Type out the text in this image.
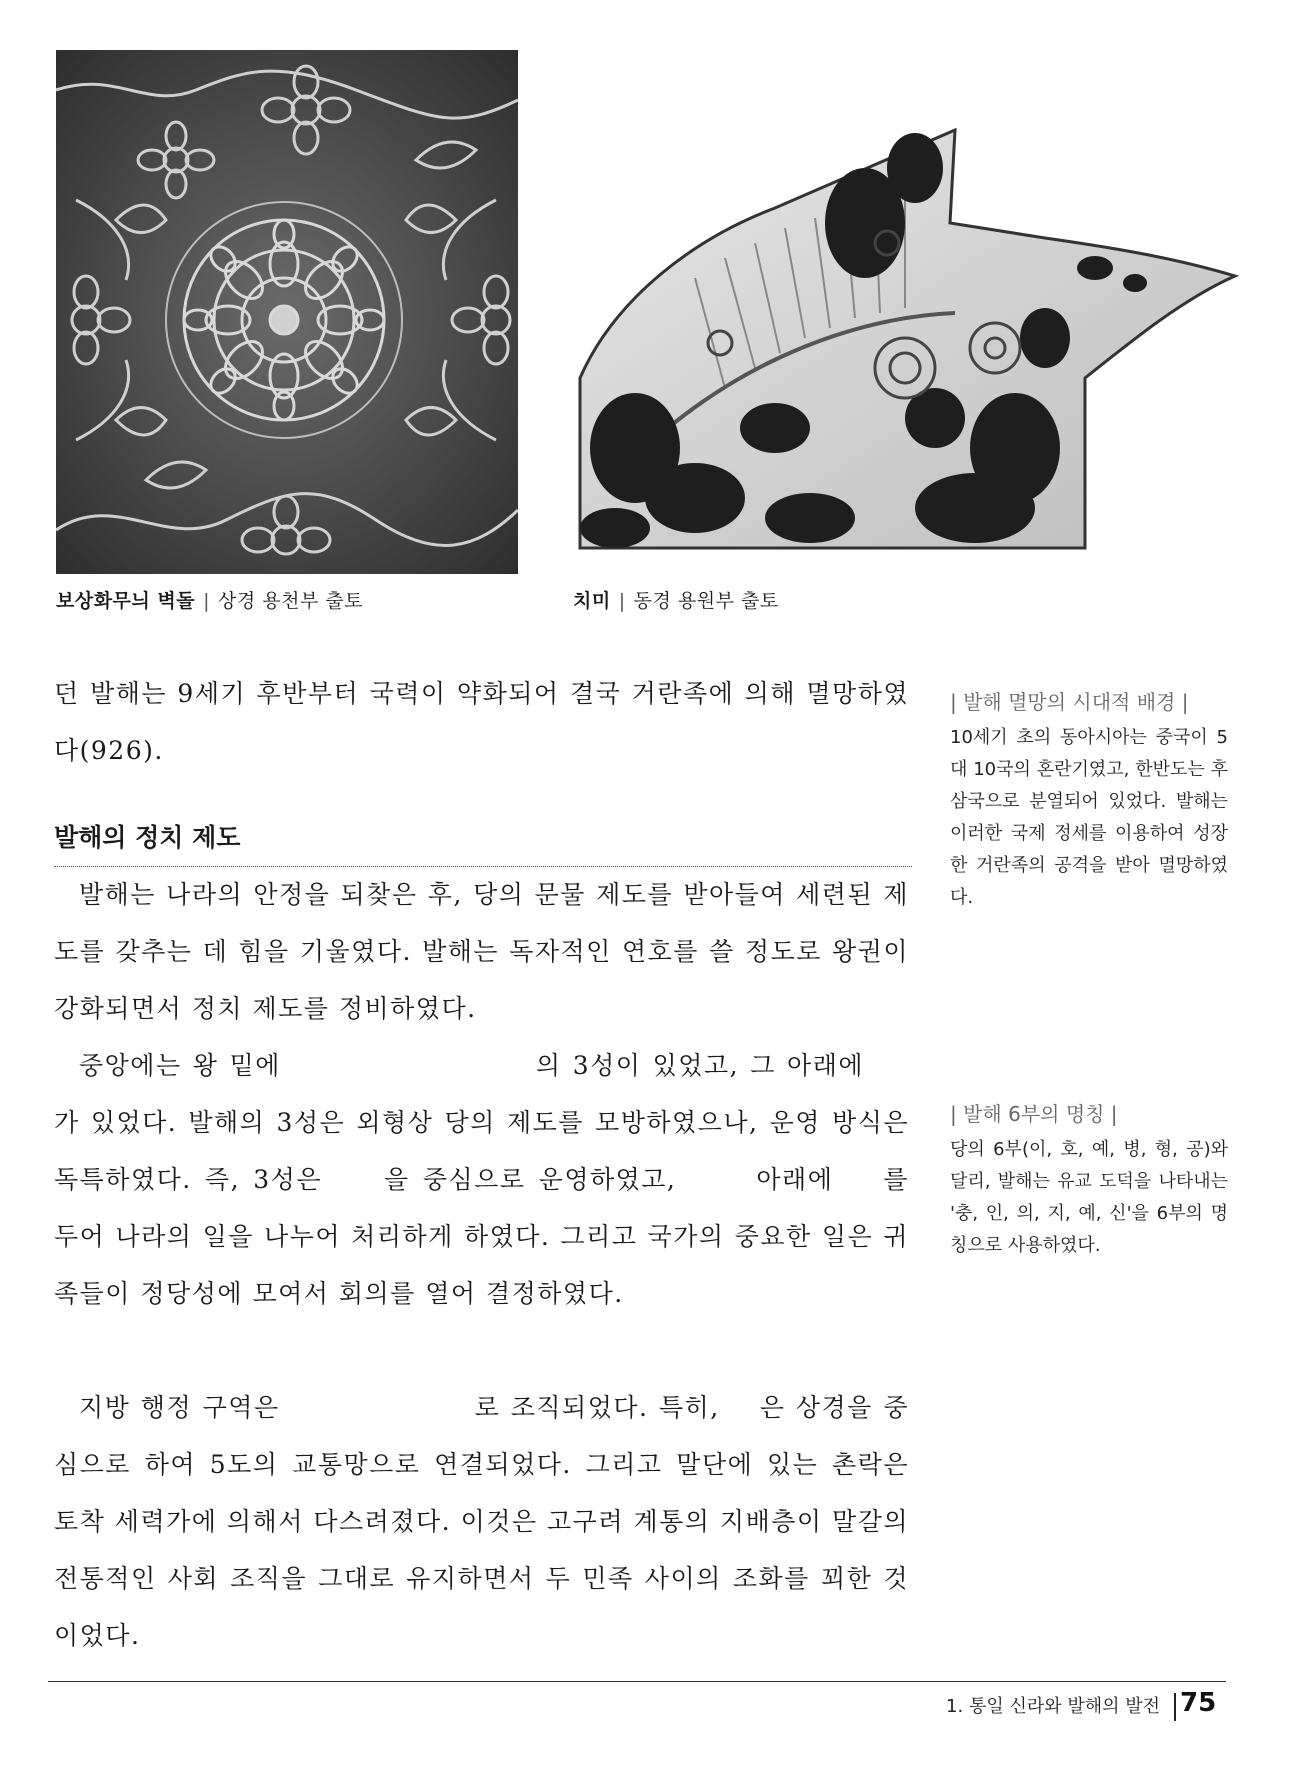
보상화무늬 벽돌 | 상경 용천부 출토	치미 | 동경 용원부 출토

던 발해는 9세기 후반부터 국력이 약화되어 결국 거란족에 의해 멸망하였다(926).

발해의 정치 제도

발해는 나라의 안정을 되찾은 후, 당의 문물 제도를 받아들여 세련된 제도를 갖추는 데 힘을 기울였다. 발해는 독자적인 연호를 쓸 정도로 왕권이 강화되면서 정치 제도를 정비하였다.

중앙에는 왕 밑에	의 3성이 있었고, 그 아래에가 있었다. 발해의 3성은 외형상 당의 제도를 모방하였으나, 운영 방식은 독특하였다. 즉, 3성은 을 중심으로 운영하였고,	아래에 를 두어 나라의 일을 나누어 처리하게 하였다. 그리고 국가의 중요한 일은 귀족들이 정당성에 모여서 회의를 열어 결정하였다.

지방 행정 구역은	로 조직되었다. 특히, 은 상경을 중심으로 하여 5도의 교통망으로 연결되었다. 그리고 말단에 있는 촌락은 토착 세력가에 의해서 다스려졌다. 이것은 고구려 계통의 지배층이 말갈의 전통적인 사회 조직을 그대로 유지하면서 두 민족 사이의 조화를 꾀한 것이었다.

| 발해 멸망의 시대적 배경 |
10세기 초의 동아시아는 중국이 5대 10국의 혼란기였고, 한반도는 후삼국으로 분열되어 있었다. 발해는 이러한 국제 정세를 이용하여 성장한 거란족의 공격을 받아 멸망하였다.
| 발해 6부의 명칭 |
당의 6부(이, 호, 예, 병, 형, 공)와 달리, 발해는 유교 도덕을 나타내는 '충, 인, 의, 지, 예, 신'을 6부의 명칭으로 사용하였다.
1. 통일 신라와 발해의 발전 75
